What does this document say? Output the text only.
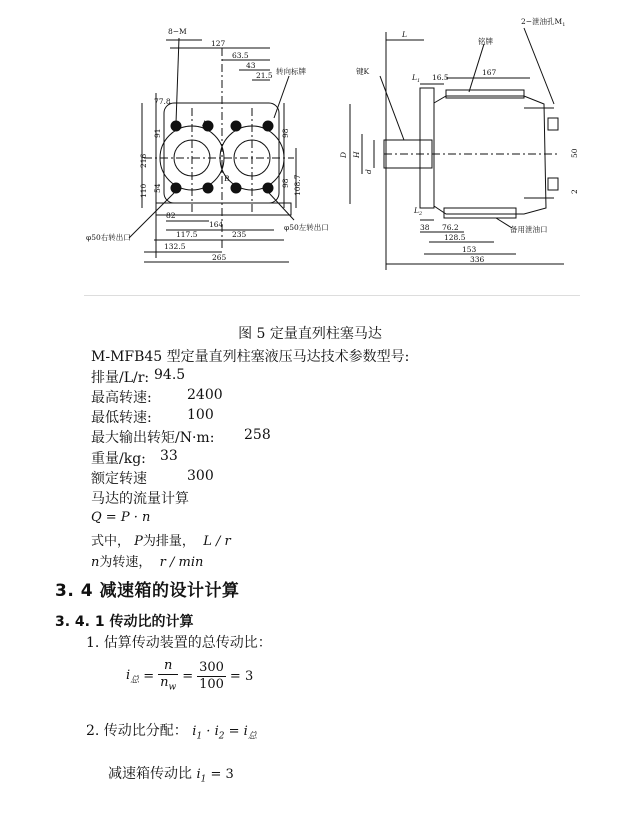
8−M
127
63.5
43
21.5 转向标牌
77.8
A
B
82
164
117.5	235
132.5
265
φ50右转出口
φ50左转出口
216
91
110 54
98
98 108.7
L
2−泄油孔$M_1$
铭牌
167
$L_1$ 16.5
键K
$L_2$
38 76.2
128.5
153
336
备用泄油口
D H
d
50
2
图 5 定量直列柱塞马达
M-MFB45 型定量直列柱塞液压马达技术参数型号:
排量/L/r: 94.5
最高转速:	2400
最低转速:	100
最大输出转矩/N·m: 258
重量/kg: 33
额定转速	300
马达的流量计算
Q = P · n
式中， P为排量， L / r
n为转速， r / min
3. 4 减速箱的设计计算
3. 4. 1 传动比的计算
1. 估算传动装置的总传动比：
$i_总 = \frac{n}{n_w} = \frac{300}{100} = 3$
2. 传动比分配： $i_1 \cdot i_2 = i_总$
减速箱传动比 $i_1 = 3$
